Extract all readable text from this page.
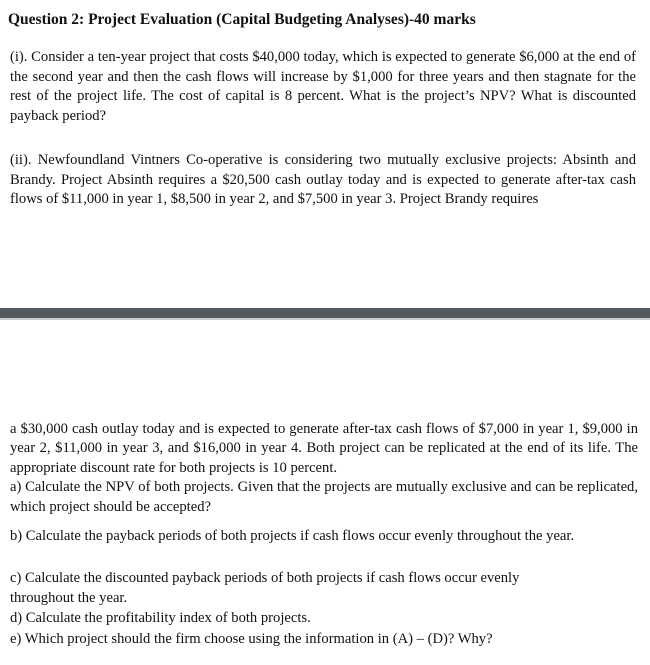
Question 2: Project Evaluation (Capital Budgeting Analyses)-40 marks

(i). Consider a ten-year project that costs $40,000 today, which is expected to generate $6,000 at the end of the second year and then the cash flows will increase by $1,000 for three years and then stagnate for the rest of the project life. The cost of capital is 8 percent. What is the project’s NPV? What is discounted payback period?

(ii). Newfoundland Vintners Co-operative is considering two mutually exclusive projects: Absinth and Brandy. Project Absinth requires a $20,500 cash outlay today and is expected to generate after-tax cash flows of $11,000 in year 1, $8,500 in year 2, and $7,500 in year 3. Project Brandy requires

a $30,000 cash outlay today and is expected to generate after-tax cash flows of $7,000 in year 1, $9,000 in year 2, $11,000 in year 3, and $16,000 in year 4. Both project can be replicated at the end of its life. The appropriate discount rate for both projects is 10 percent.
a) Calculate the NPV of both projects. Given that the projects are mutually exclusive and can be replicated, which project should be accepted?

b) Calculate the payback periods of both projects if cash flows occur evenly throughout the year.

c) Calculate the discounted payback periods of both projects if cash flows occur evenly

throughout the year.

d) Calculate the profitability index of both projects.

e) Which project should the firm choose using the information in (A) – (D)? Why?
